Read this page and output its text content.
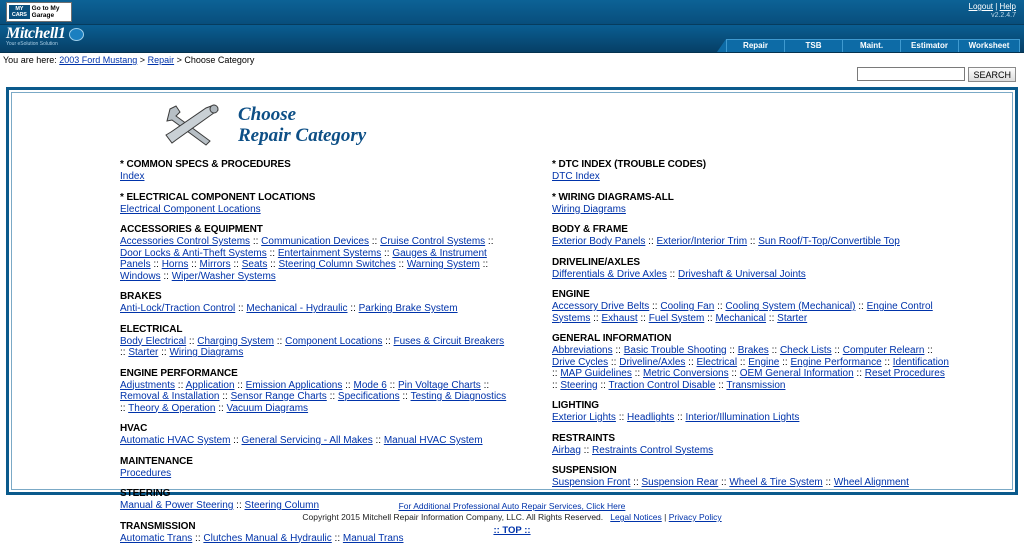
MY CARS
Go to My Garage
Logout | Help
v2.2.4.7
Mitchell1
Your eSolution Solution	Repair	TSB	Maint.	Estimator	Worksheet
You are here: 2003 Ford Mustang > Repair > Choose Category
SEARCH
Choose
Repair Category
* COMMON SPECS & PROCEDURES
Index
* ELECTRICAL COMPONENT LOCATIONS
Electrical Component Locations
ACCESSORIES & EQUIPMENT
Accessories Control Systems :: Communication Devices :: Cruise Control Systems :: Door Locks & Anti-Theft Systems :: Entertainment Systems :: Gauges & Instrument Panels :: Horns :: Mirrors :: Seats :: Steering Column Switches :: Warning System :: Windows :: Wiper/Washer Systems
BRAKES
Anti-Lock/Traction Control :: Mechanical - Hydraulic :: Parking Brake System
ELECTRICAL
Body Electrical :: Charging System :: Component Locations :: Fuses & Circuit Breakers :: Starter :: Wiring Diagrams
ENGINE PERFORMANCE
Adjustments :: Application :: Emission Applications :: Mode 6 :: Pin Voltage Charts :: Removal & Installation :: Sensor Range Charts :: Specifications :: Testing & Diagnostics :: Theory & Operation :: Vacuum Diagrams
HVAC
Automatic HVAC System :: General Servicing - All Makes :: Manual HVAC System
MAINTENANCE
Procedures
STEERING
Manual & Power Steering :: Steering Column
TRANSMISSION
Automatic Trans :: Clutches Manual & Hydraulic :: Manual Trans
* DTC INDEX (TROUBLE CODES)
DTC Index
* WIRING DIAGRAMS-ALL
Wiring Diagrams
BODY & FRAME
Exterior Body Panels :: Exterior/Interior Trim :: Sun Roof/T-Top/Convertible Top
DRIVELINE/AXLES
Differentials & Drive Axles :: Driveshaft & Universal Joints
ENGINE
Accessory Drive Belts :: Cooling Fan :: Cooling System (Mechanical) :: Engine Control Systems :: Exhaust :: Fuel System :: Mechanical :: Starter
GENERAL INFORMATION
Abbreviations :: Basic Trouble Shooting :: Brakes :: Check Lists :: Computer Relearn :: Drive Cycles :: Driveline/Axles :: Electrical :: Engine :: Engine Performance :: Identification :: MAP Guidelines :: Metric Conversions :: OEM General Information :: Reset Procedures :: Steering :: Traction Control Disable :: Transmission
LIGHTING
Exterior Lights :: Headlights :: Interior/Illumination Lights
RESTRAINTS
Airbag :: Restraints Control Systems
SUSPENSION
Suspension Front :: Suspension Rear :: Wheel & Tire System :: Wheel Alignment
For Additional Professional Auto Repair Services, Click Here
Copyright 2015 Mitchell Repair Information Company, LLC. All Rights Reserved. Legal Notices | Privacy Policy
:: TOP ::
